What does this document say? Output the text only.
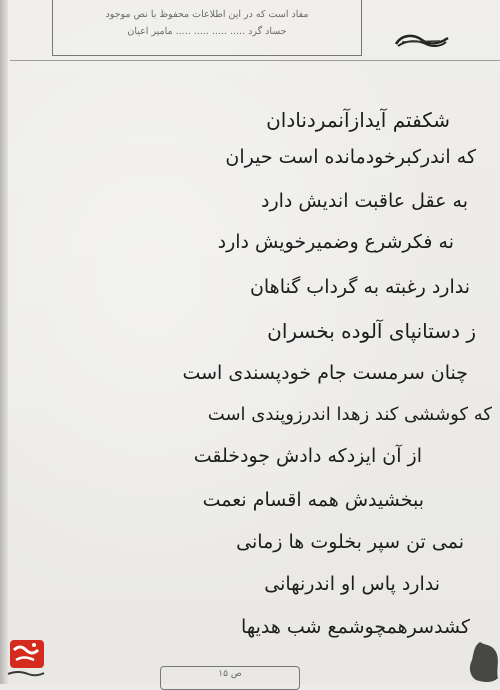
مفاد است که در این اطلاعات محفوظ با نص موجود
حساد گرد ..... ..... ..... ..... مامیر اعیان
شکفتم آیدازآنمردنادان
که اندرکبرخودمانده است حیران
به عقل عاقبت اندیش دارد
نه فکرشرع وضمیرخویش دارد
ندارد رغبته به گرداب گناهان
ز دستانپای آلوده بخسران
چنان سرمست جام خودپسندی است
که کوششی کند زهدا اندرزوپندی است
از آن ایزدکه دادش جودخلقت
ببخشیدش همه اقسام نعمت
نمی تن سپر بخلوت ها زمانی
ندارد پاس او اندرنهانی
کشدسرهمچوشمع شب هدیها
ص ۱۵
